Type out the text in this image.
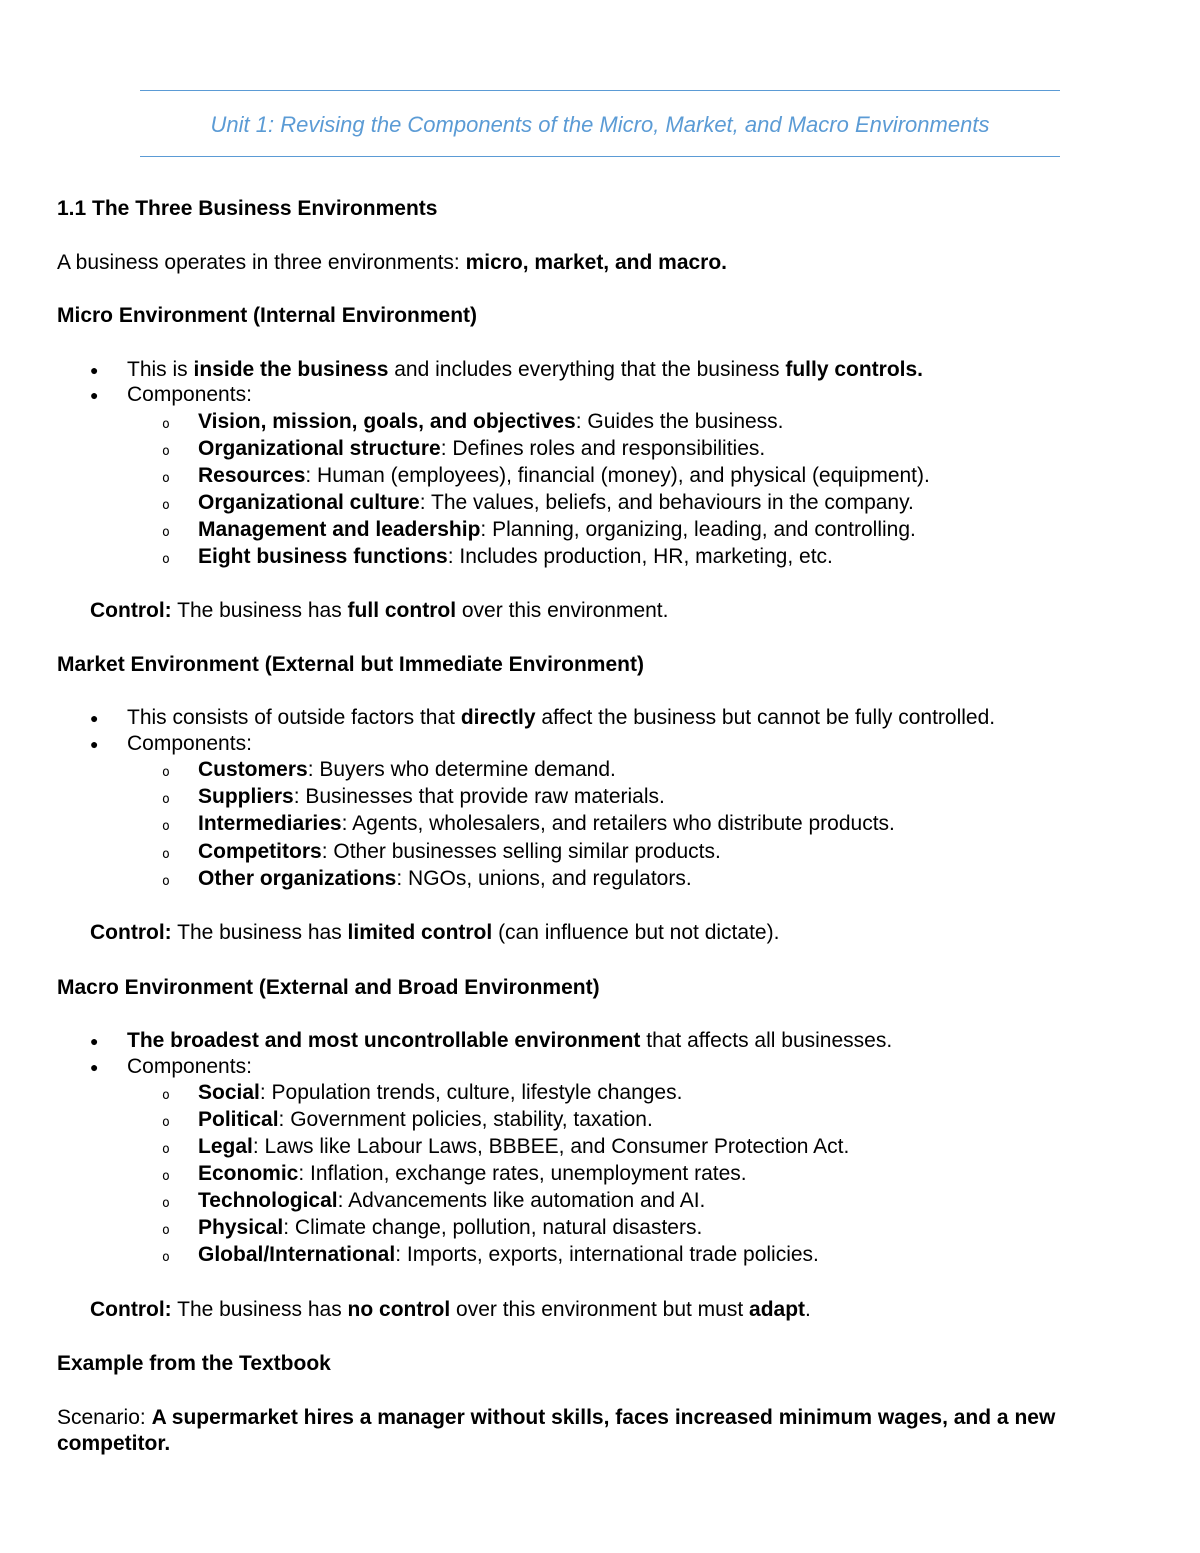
Unit 1: Revising the Components of the Micro, Market, and Macro Environments
1.1 The Three Business Environments
A business operates in three environments: micro, market, and macro.
Micro Environment (Internal Environment)
● This is inside the business and includes everything that the business fully controls.
● Components:
o Vision, mission, goals, and objectives: Guides the business.
o Organizational structure: Defines roles and responsibilities.
o Resources: Human (employees), financial (money), and physical (equipment).
o Organizational culture: The values, beliefs, and behaviours in the company.
o Management and leadership: Planning, organizing, leading, and controlling.
o Eight business functions: Includes production, HR, marketing, etc.
Control: The business has full control over this environment.
Market Environment (External but Immediate Environment)
● This consists of outside factors that directly affect the business but cannot be fully controlled.
● Components:
o Customers: Buyers who determine demand.
o Suppliers: Businesses that provide raw materials.
o Intermediaries: Agents, wholesalers, and retailers who distribute products.
o Competitors: Other businesses selling similar products.
o Other organizations: NGOs, unions, and regulators.
Control: The business has limited control (can influence but not dictate).
Macro Environment (External and Broad Environment)
● The broadest and most uncontrollable environment that affects all businesses.
● Components:
o Social: Population trends, culture, lifestyle changes.
o Political: Government policies, stability, taxation.
o Legal: Laws like Labour Laws, BBBEE, and Consumer Protection Act.
o Economic: Inflation, exchange rates, unemployment rates.
o Technological: Advancements like automation and AI.
o Physical: Climate change, pollution, natural disasters.
o Global/International: Imports, exports, international trade policies.
Control: The business has no control over this environment but must adapt.
Example from the Textbook
Scenario: A supermarket hires a manager without skills, faces increased minimum wages, and a new competitor.
